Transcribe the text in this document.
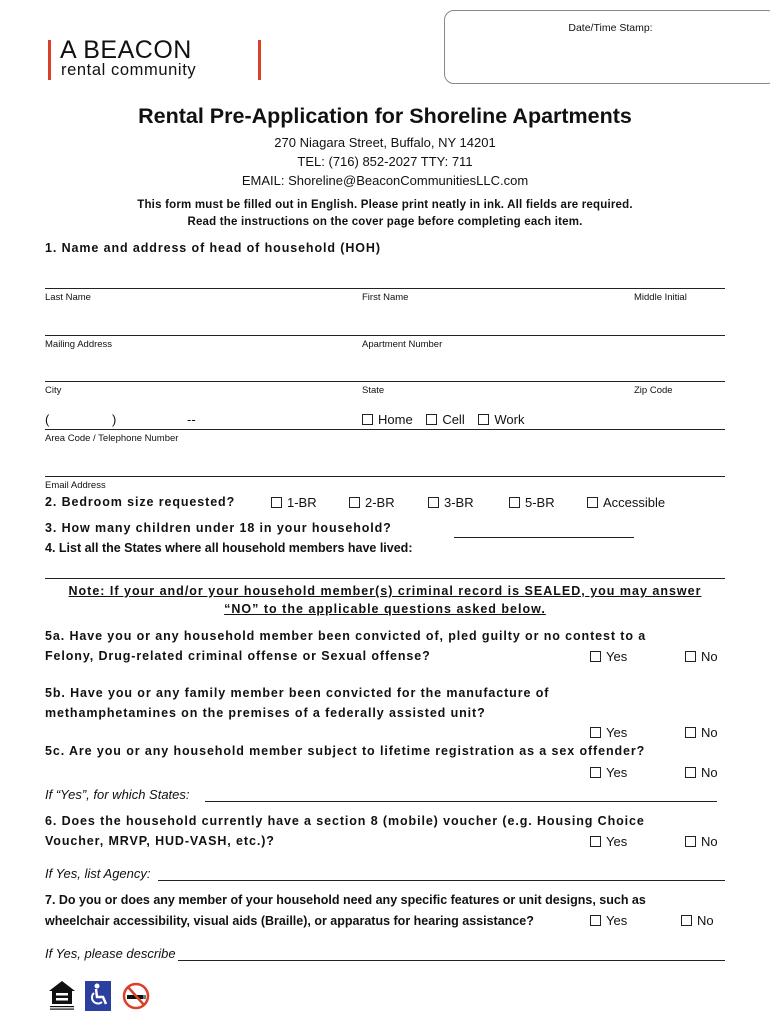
Date/Time Stamp:
A BEACON
rental community
Rental Pre-Application for Shoreline Apartments
270 Niagara Street, Buffalo, NY 14201
TEL: (716) 852-2027 TTY: 711
EMAIL: Shoreline@BeaconCommunitiesLLC.com
This form must be filled out in English. Please print neatly in ink. All fields are required.
Read the instructions on the cover page before completing each item.
1. Name and address of head of household (HOH)
Last Name	First Name	Middle Initial
Mailing Address	Apartment Number
City	State	Zip Code
(	)	--	Home Cell Work
Area Code / Telephone Number
Email Address
2. Bedroom size requested?	1-BR	2-BR	3-BR	5-BR	Accessible
3. How many children under 18 in your household?
4. List all the States where all household members have lived:
Note: If your and/or your household member(s) criminal record is SEALED, you may answer
“NO” to the applicable questions asked below.
5a. Have you or any household member been convicted of, pled guilty or no contest to a
Felony, Drug-related criminal offense or Sexual offense?	Yes	No
5b. Have you or any family member been convicted for the manufacture of
methamphetamines on the premises of a federally assisted unit?
Yes	No
5c. Are you or any household member subject to lifetime registration as a sex offender?
Yes	No
If “Yes”, for which States:
6. Does the household currently have a section 8 (mobile) voucher (e.g. Housing Choice
Voucher, MRVP, HUD-VASH, etc.)?	Yes	No
If Yes, list Agency:
7. Do you or does any member of your household need any specific features or unit designs, such as
wheelchair accessibility, visual aids (Braille), or apparatus for hearing assistance?	Yes	No
If Yes, please describe
